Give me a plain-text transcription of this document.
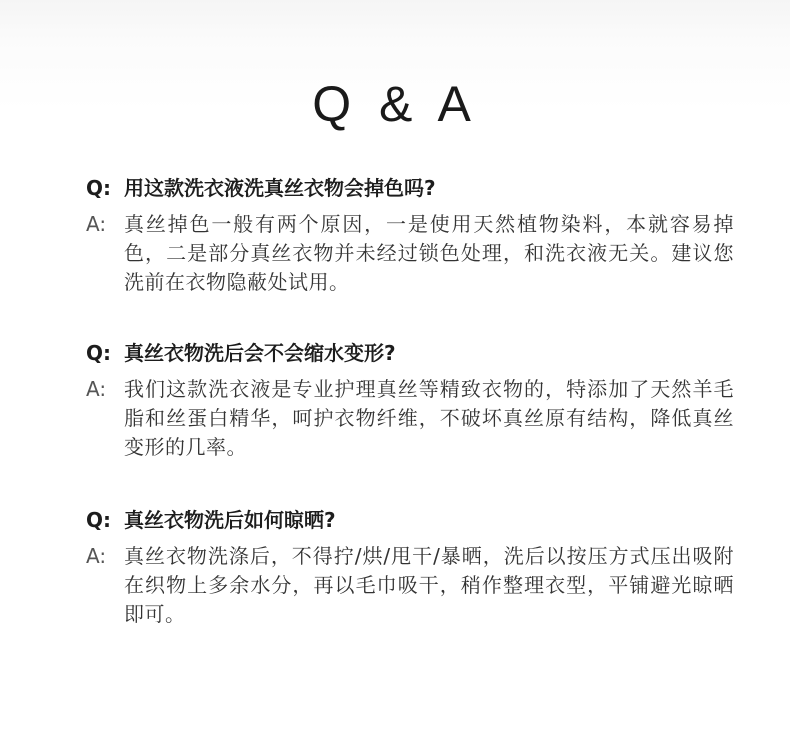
Q & A
Q: 用这款洗衣液洗真丝衣物会掉色吗?
A: 真丝掉色一般有两个原因，一是使用天然植物染料，本就容易掉色，二是部分真丝衣物并未经过锁色处理，和洗衣液无关。建议您洗前在衣物隐蔽处试用。
Q: 真丝衣物洗后会不会缩水变形?
A: 我们这款洗衣液是专业护理真丝等精致衣物的，特添加了天然羊毛脂和丝蛋白精华，呵护衣物纤维，不破坏真丝原有结构，降低真丝变形的几率。
Q: 真丝衣物洗后如何晾晒?
A: 真丝衣物洗涤后，不得拧/烘/甩干/暴晒，洗后以按压方式压出吸附在织物上多余水分，再以毛巾吸干，稍作整理衣型，平铺避光晾晒即可。
